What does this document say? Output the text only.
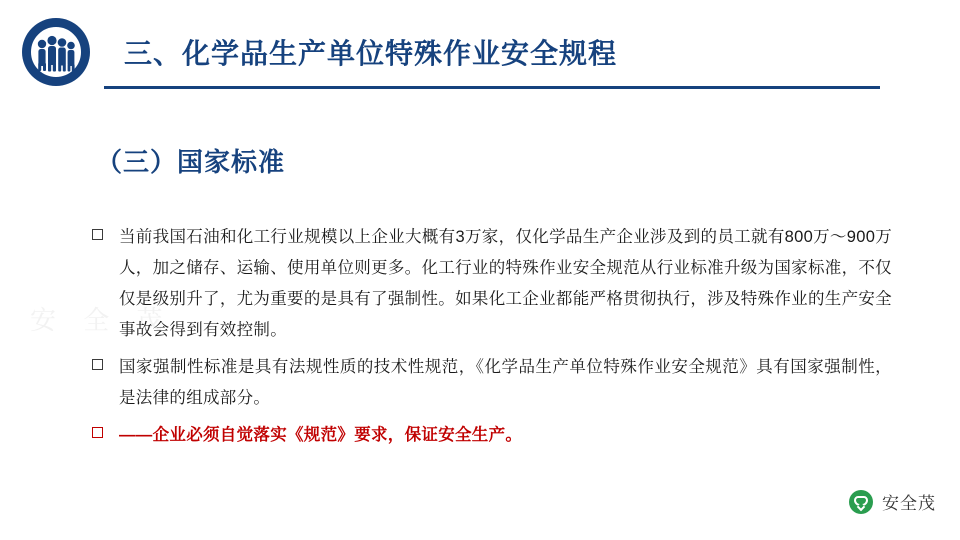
三、化学品生产单位特殊作业安全规程
安 全 茂
（三）国家标准
当前我国石油和化工行业规模以上企业大概有3万家，仅化学品生产企业涉及到的员工就有800万～900万人，加之储存、运输、使用单位则更多。化工行业的特殊作业安全规范从行业标准升级为国家标准，不仅仅是级别升了，尤为重要的是具有了强制性。如果化工企业都能严格贯彻执行，涉及特殊作业的生产安全事故会得到有效控制。
国家强制性标准是具有法规性质的技术性规范，《化学品生产单位特殊作业安全规范》具有国家强制性，是法律的组成部分。
——企业必须自觉落实《规范》要求，保证安全生产。
安全茂
